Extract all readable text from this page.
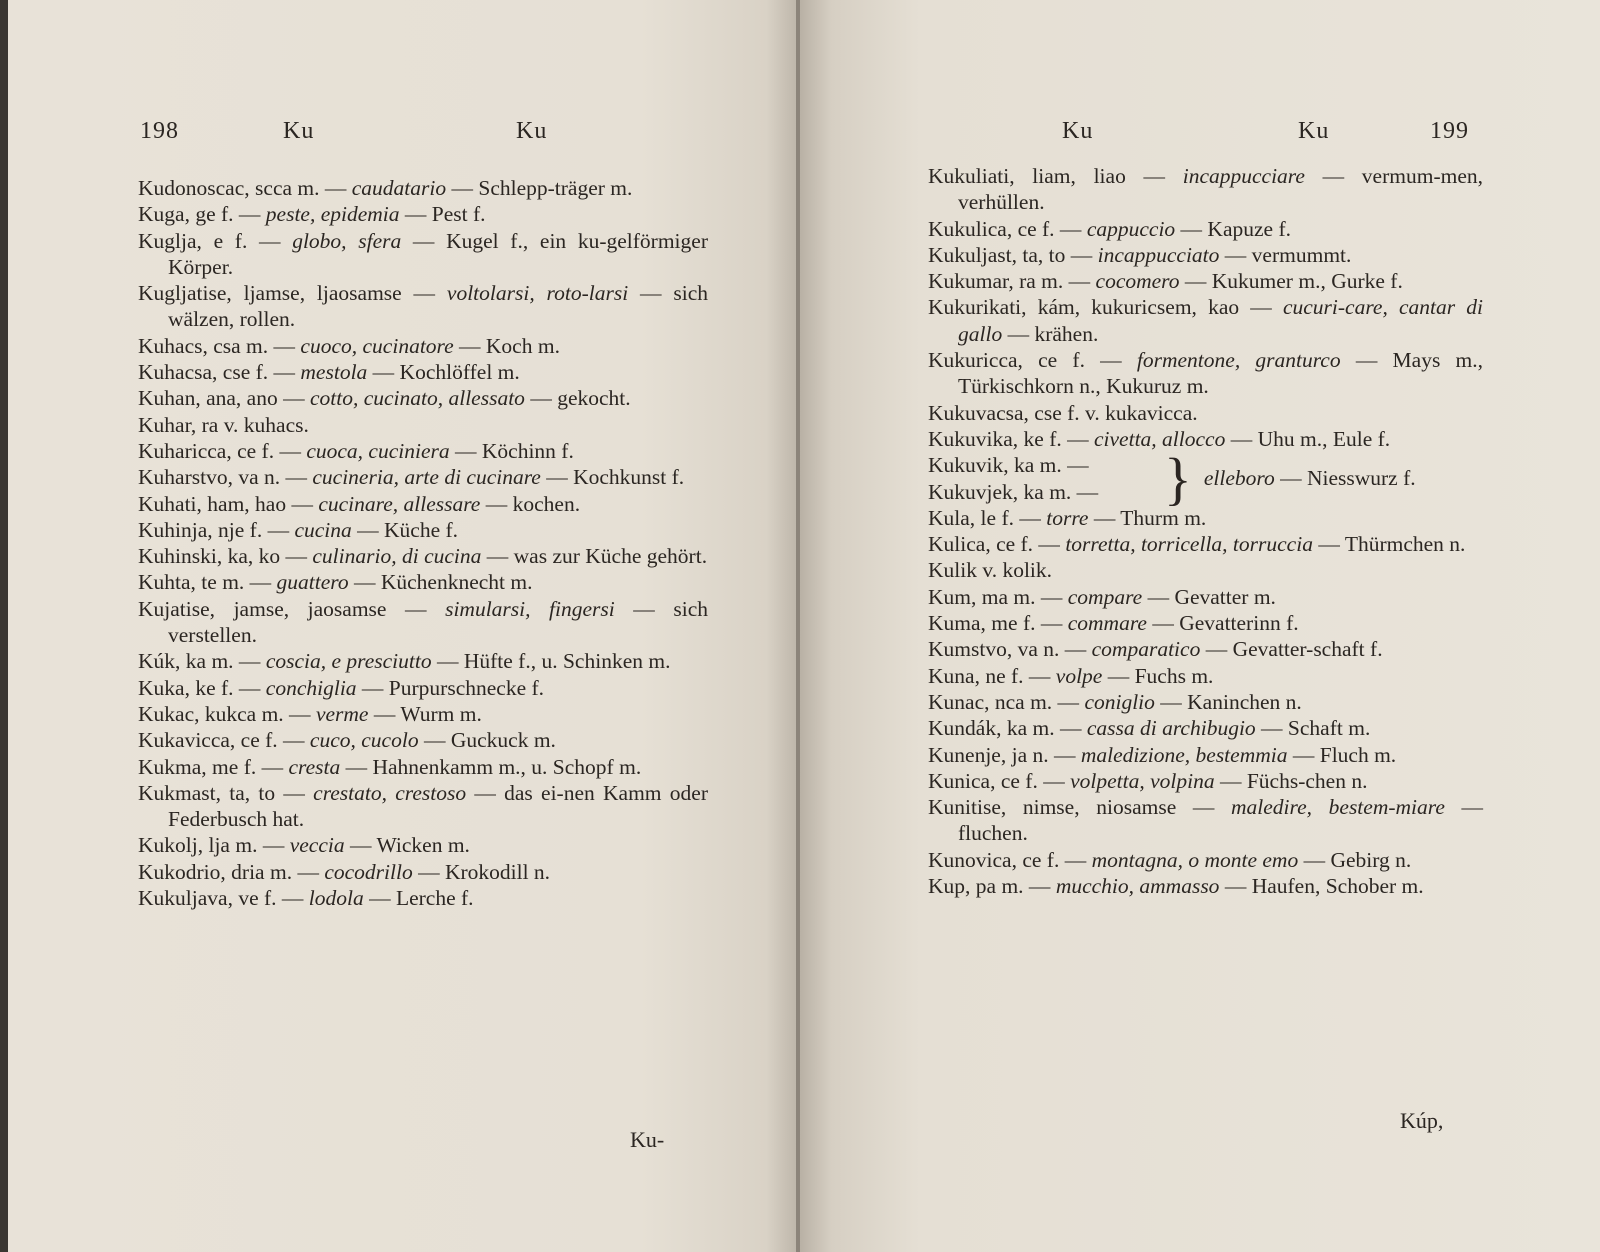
198	Ku	Ku
Kudonoscac, scca m. — caudatario — Schlepp-träger m.
Kuga, ge f. — peste, epidemia — Pest f.
Kuglja, e f. — globo, sfera — Kugel f., ein ku-gelförmiger Körper.
Kugljatise, ljamse, ljaosamse — voltolarsi, roto-larsi — sich wälzen, rollen.
Kuhacs, csa m. — cuoco, cucinatore — Koch m.
Kuhacsa, cse f. — mestola — Kochlöffel m.
Kuhan, ana, ano — cotto, cucinato, allessato — gekocht.
Kuhar, ra v. kuhacs.
Kuharicca, ce f. — cuoca, cuciniera — Köchinn f.
Kuharstvo, va n. — cucineria, arte di cucinare — Kochkunst f.
Kuhati, ham, hao — cucinare, allessare — kochen.
Kuhinja, nje f. — cucina — Küche f.
Kuhinski, ka, ko — culinario, di cucina — was zur Küche gehört.
Kuhta, te m. — guattero — Küchenknecht m.
Kujatise, jamse, jaosamse — simularsi, fingersi — sich verstellen.
Kúk, ka m. — coscia, e presciutto — Hüfte f., u. Schinken m.
Kuka, ke f. — conchiglia — Purpurschnecke f.
Kukac, kukca m. — verme — Wurm m.
Kukavicca, ce f. — cuco, cucolo — Guckuck m.
Kukma, me f. — cresta — Hahnenkamm m., u. Schopf m.
Kukmast, ta, to — crestato, crestoso — das ei-nen Kamm oder Federbusch hat.
Kukolj, lja m. — veccia — Wicken m.
Kukodrio, dria m. — cocodrillo — Krokodill n.
Kukuljava, ve f. — lodola — Lerche f.
Ku-
Ku	Ku	199
Kukuliati, liam, liao — incappucciare — vermum-men, verhüllen.
Kukulica, ce f. — cappuccio — Kapuze f.
Kukuljast, ta, to — incappucciato — vermummt.
Kukumar, ra m. — cocomero — Kukumer m., Gurke f.
Kukurikati, kám, kukuricsem, kao — cucuri-care, cantar di gallo — krähen.
Kukuricca, ce f. — formentone, granturco — Mays m., Türkischkorn n., Kukuruz m.
Kukuvacsa, cse f. v. kukavicca.
Kukuvika, ke f. — civetta, allocco — Uhu m., Eule f.
Kukuvik, ka m. —
Kukuvjek, ka m. —	} elleboro — Niesswurz f.
Kula, le f. — torre — Thurm m.
Kulica, ce f. — torretta, torricella, torruccia — Thürmchen n.
Kulik v. kolik.
Kum, ma m. — compare — Gevatter m.
Kuma, me f. — commare — Gevatterinn f.
Kumstvo, va n. — comparatico — Gevatter-schaft f.
Kuna, ne f. — volpe — Fuchs m.
Kunac, nca m. — coniglio — Kaninchen n.
Kundák, ka m. — cassa di archibugio — Schaft m.
Kunenje, ja n. — maledizione, bestemmia — Fluch m.
Kunica, ce f. — volpetta, volpina — Füchs-chen n.
Kunitise, nimse, niosamse — maledire, bestem-miare — fluchen.
Kunovica, ce f. — montagna, o monte emo — Gebirg n.
Kup, pa m. — mucchio, ammasso — Haufen, Schober m.
Kúp,
